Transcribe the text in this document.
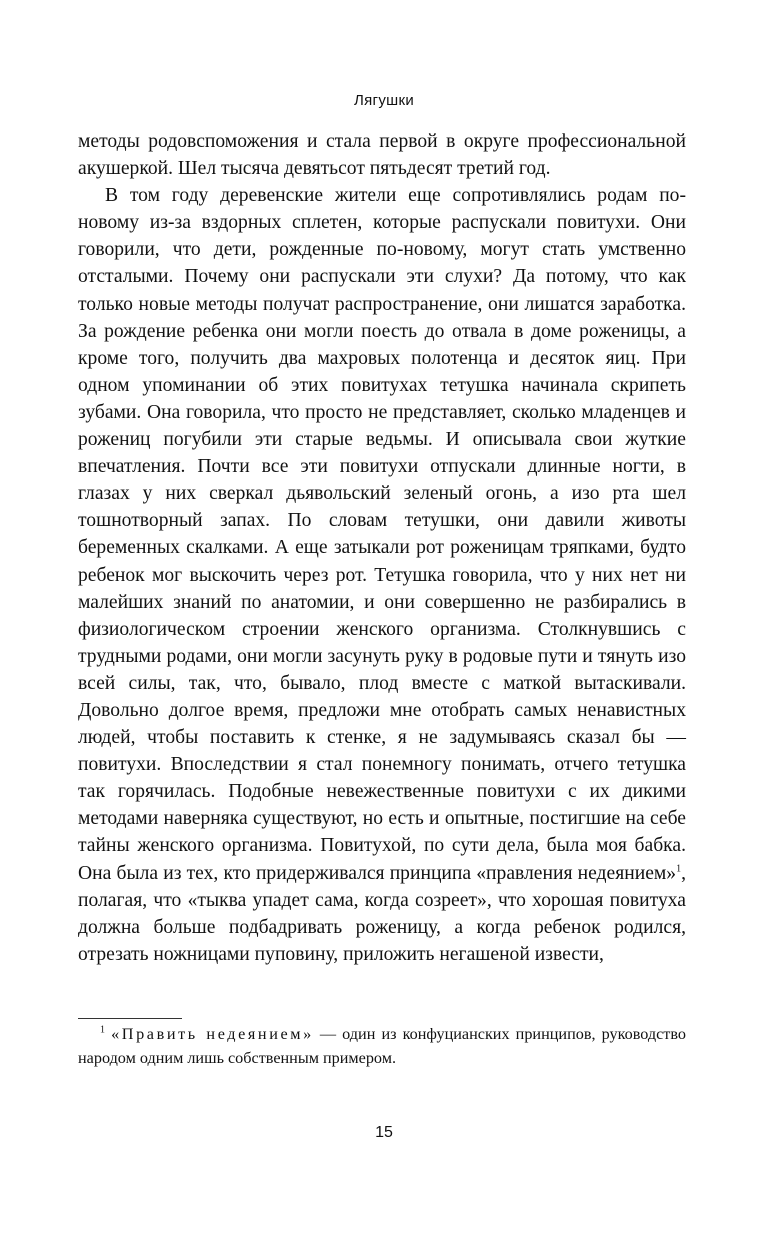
Лягушки

методы родовспоможения и стала первой в округе профессиональной акушеркой. Шел тысяча девятьсот пятьдесят третий год.

В том году деревенские жители еще сопротивлялись родам по-новому из-за вздорных сплетен, которые распускали повитухи. Они говорили, что дети, рожденные по-новому, могут стать умственно отсталыми. Почему они распускали эти слухи? Да потому, что как только новые методы получат распространение, они лишатся заработка. За рождение ребенка они могли поесть до отвала в доме роженицы, а кроме того, получить два махровых полотенца и десяток яиц. При одном упоминании об этих повитухах тетушка начинала скрипеть зубами. Она говорила, что просто не представляет, сколько младенцев и рожениц погубили эти старые ведьмы. И описывала свои жуткие впечатления. Почти все эти повитухи отпускали длинные ногти, в глазах у них сверкал дьявольский зеленый огонь, а изо рта шел тошнотворный запах. По словам тетушки, они давили животы беременных скалками. А еще затыкали рот роженицам тряпками, будто ребенок мог выскочить через рот. Тетушка говорила, что у них нет ни малейших знаний по анатомии, и они совершенно не разбирались в физиологическом строении женского организма. Столкнувшись с трудными родами, они могли засунуть руку в родовые пути и тянуть изо всей силы, так, что, бывало, плод вместе с маткой вытаскивали. Довольно долгое время, предложи мне отобрать самых ненавистных людей, чтобы поставить к стенке, я не задумываясь сказал бы — повитухи. Впоследствии я стал понемногу понимать, отчего тетушка так горячилась. Подобные невежественные повитухи с их дикими методами наверняка существуют, но есть и опытные, постигшие на себе тайны женского организма. Повитухой, по сути дела, была моя бабка. Она была из тех, кто придерживался принципа «правления недеянием»$^1$, полагая, что «тыква упадет сама, когда созреет», что хорошая повитуха должна больше подбадривать роженицу, а когда ребенок родился, отрезать ножницами пуповину, приложить негашеной извести,

$^1$ «Править недеянием» — один из конфуцианских принципов, руководство народом одним лишь собственным примером.

15
